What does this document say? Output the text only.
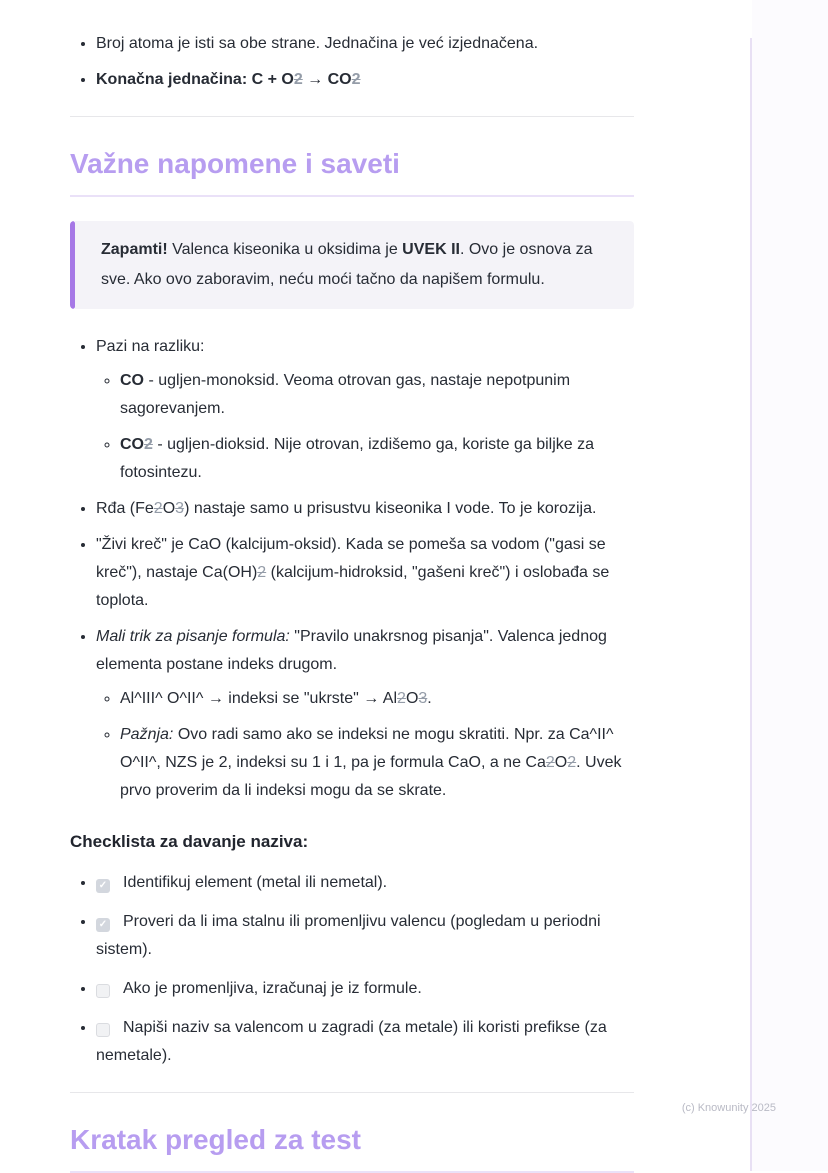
• Broj atoma je isti sa obe strane. Jednačina je već izjednačena.
• Konačna jednačina: C + O2 → CO2
Važne napomene i saveti
Zapamti! Valenca kiseonika u oksidima je UVEK II. Ovo je osnova za sve. Ako ovo zaboravim, neću moći tačno da napišem formulu.
• Pazi na razliku:
◦ CO - ugljen-monoksid. Veoma otrovan gas, nastaje nepotpunim sagorevanjem.
◦ CO2 - ugljen-dioksid. Nije otrovan, izdišemo ga, koriste ga biljke za fotosintezu.
• Rđa (Fe2O3) nastaje samo u prisustvu kiseonika I vode. To je korozija.
• "Živi kreč" je CaO (kalcijum-oksid). Kada se pomeša sa vodom ("gasi se kreč"), nastaje Ca(OH)2 (kalcijum-hidroksid, "gašeni kreč") i oslobađa se toplota.
• Mali trik za pisanje formula: "Pravilo unakrsnog pisanja". Valenca jednog elementa postane indeks drugom.
◦ Al^III^ O^II^ → indeksi se "ukrste" → Al2O3.
◦ Pažnja: Ovo radi samo ako se indeksi ne mogu skratiti. Npr. za Ca^II^ O^II^, NZS je 2, indeksi su 1 i 1, pa je formula CaO, a ne Ca2O2. Uvek prvo proverim da li indeksi mogu da se skrate.
Checklista za davanje naziva:
• ✓ Identifikuj element (metal ili nemetal).
• ✓ Proveri da li ima stalnu ili promenljivu valencu (pogledam u periodni sistem).
• Ako je promenljiva, izračunaj je iz formule.
• Napiši naziv sa valencom u zagradi (za metale) ili koristi prefikse (za nemetale).
Kratak pregled za test
(c) Knowunity 2025
